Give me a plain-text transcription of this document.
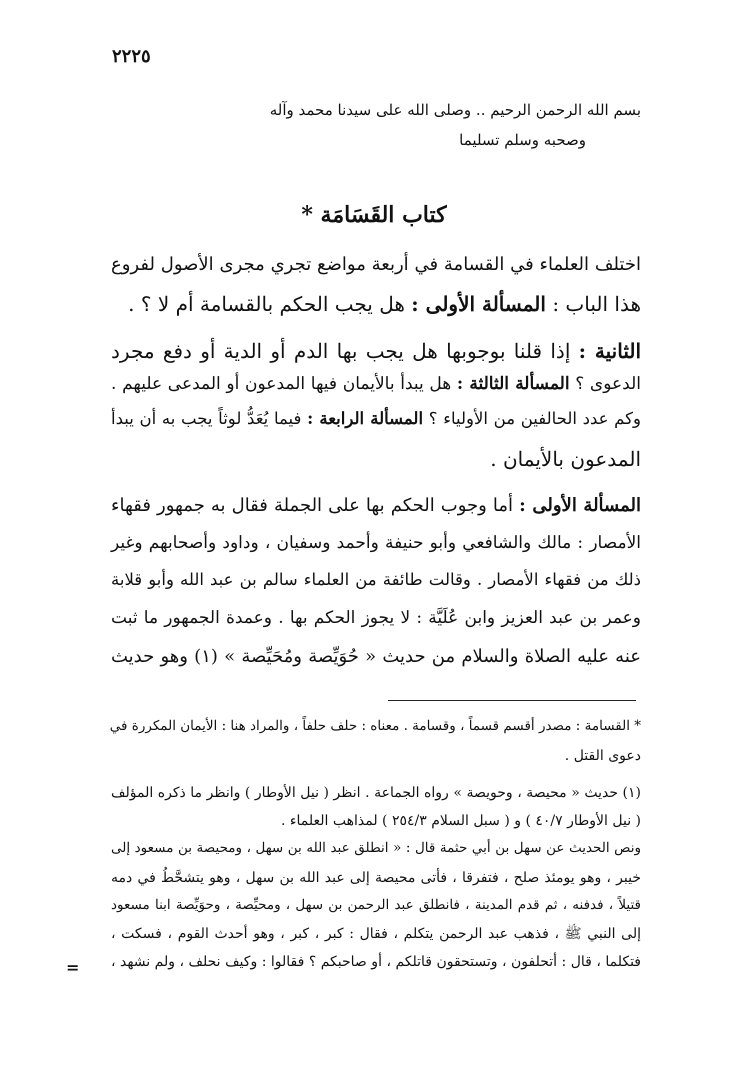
٢٢٢٥
بسم الله الرحمن الرحيم .. وصلى الله على سيدنا محمد وآله
وصحبه وسلم تسليما
كتاب القَسَامَة *
اختلف العلماء في القسامة في أربعة مواضع تجري مجرى الأصول لفروع
هذا الباب : المسألة الأولى : هل يجب الحكم بالقسامة أم لا ؟ .
الثانية : إذا قلنا بوجوبها هل يجب بها الدم أو الدية أو دفع مجرد
الدعوى ؟ المسألة الثالثة : هل يبدأ بالأيمان فيها المدعون أو المدعى عليهم .
وكم عدد الحالفين من الأولياء ؟ المسألة الرابعة : فيما يُعَدُّ لوثاً يجب به أن يبدأ
المدعون بالأيمان .
المسألة الأولى : أما وجوب الحكم بها على الجملة فقال به جمهور فقهاء
الأمصار : مالك والشافعي وأبو حنيفة وأحمد وسفيان ، وداود وأصحابهم وغير
ذلك من فقهاء الأمصار . وقالت طائفة من العلماء سالم بن عبد الله وأبو قلابة
وعمر بن عبد العزيز وابن عُلَيَّة : لا يجوز الحكم بها . وعمدة الجمهور ما ثبت
عنه عليه الصلاة والسلام من حديث « حُوَيِّصة ومُحَيِّصة » (١) وهو حديث
* القسامة : مصدر أقسم قسماً ، وقسامة . معناه : حلف حلفاً ، والمراد هنا : الأيمان المكررة في
دعوى القتل .
(١) حديث « محيصة ، وحويصة » رواه الجماعة . انظر ( نيل الأوطار ) وانظر ما ذكره المؤلف
( نيل الأوطار ٤٠/٧ ) و ( سبل السلام ٢٥٤/٣ ) لمذاهب العلماء .
ونص الحديث عن سهل بن أبي حثمة قال : « انطلق عبد الله بن سهل ، ومحيصة بن مسعود إلى
خيبر ، وهو يومئذ صلح ، فتفرقا ، فأتى محيصة إلى عبد الله بن سهل ، وهو يتشحَّطُ في دمه
قتيلاً ، فدفنه ، ثم قدم المدينة ، فانطلق عبد الرحمن بن سهل ، ومحيِّصة ، وحوَيِّصة ابنا مسعود
إلى النبي ﷺ ، فذهب عبد الرحمن يتكلم ، فقال : كبر ، كبر ، وهو أحدث القوم ، فسكت ،
فتكلما ، قال : أتحلفون ، وتستحقون قاتلكم ، أو صاحبكم ؟ فقالوا : وكيف نحلف ، ولم نشهد ،
=
